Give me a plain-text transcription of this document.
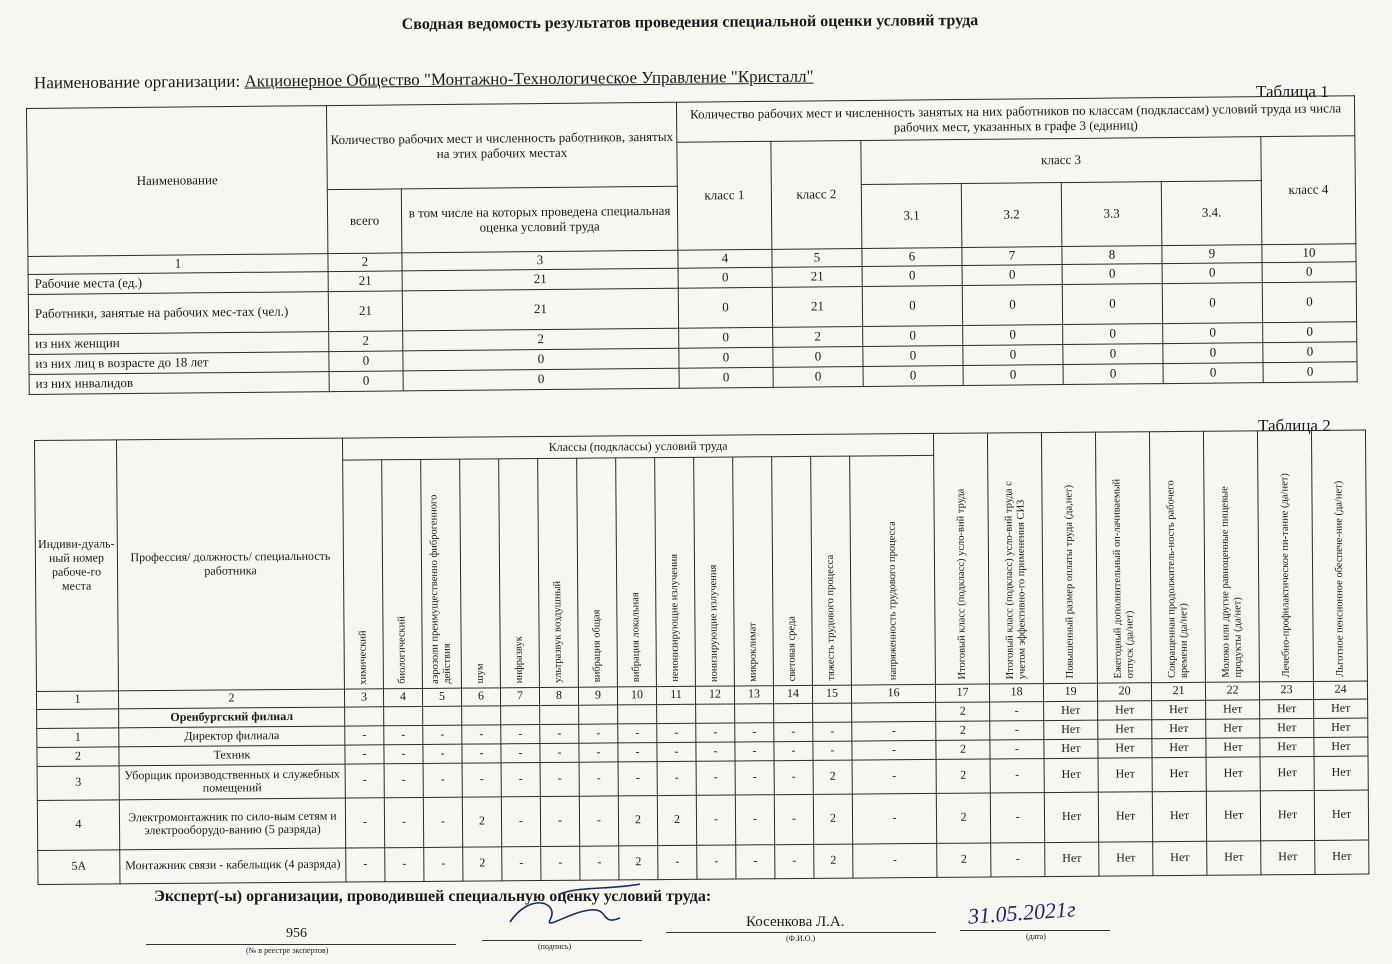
Сводная ведомость результатов проведения специальной оценки условий труда
Наименование организации: Акционерное Общество "Монтажно-Технологическое Управление "Кристалл"
Таблица 1
Наименование	Количество рабочих мест и численность работников, занятых на этих рабочих местах		Количество рабочих мест и численность занятых на них работников по классам (подклассам) условий труда из числа рабочих мест, указанных в графе 3 (единиц)						
			класс 1	класс 2	класс 3				класс 4
	всего	в том числе на которых проведена специальная оценка условий труда			3.1	3.2	3.3	3.4.	
1	2	3	4	5	6	7	8	9	10
Рабочие места (ед.)	21	21	0	21	0	0	0	0	0
Работники, занятые на рабочих мес-тах (чел.)	21	21	0	21	0	0	0	0	0
из них женщин	2	2	0	2	0	0	0	0	0
из них лиц в возрасте до 18 лет	0	0	0	0	0	0	0	0	0
из них инвалидов	0	0	0	0	0	0	0	0	0
Таблица 2
Индиви-дуаль-ный номер рабоче-го места	Профессия/ должность/ специальность работника	Классы (подклассы) условий труда														Итоговый класс (подкласс) усло-вий труда	Итоговый класс (подкласс) усло-вий труда с учетом эффективно-го применения СИЗ	Повышенный размер оплаты труда (да,нет)	Ежегодный дополнительный оп-лачиваемый отпуск (да/нет)	Сокращенная продолжитель-ность рабочего времени (да/нет)	Молоко или другие равноценные пищевые продукты (да/нет)	Лечебно-профилактическое пи-тание (да/нет)	Льготное пенсионное обеспече-ние (да/нет)
		химический	биологический	аэрозоли преимущественно фиброгенного действия	шум	инфразвук	ультразвук воздушный	вибрация общая	вибрация локальная	неионизирующие излучения	ионизирующие излучения	микроклимат	световая среда	тяжесть трудового процесса	напряженность трудового процесса								
1	2	3	4	5	6	7	8	9	10	11	12	13	14	15	16	17	18	19	20	21	22	23	24
	Оренбургский филиал															2	-	Нет	Нет	Нет	Нет	Нет	Нет
1	Директор филиала	-	-	-	-	-	-	-	-	-	-	-	-	-	-	2	-	Нет	Нет	Нет	Нет	Нет	Нет
2	Техник	-	-	-	-	-	-	-	-	-	-	-	-	-	-	2	-	Нет	Нет	Нет	Нет	Нет	Нет
3	Уборщик производственных и служебных помещений	-	-	-	-	-	-	-	-	-	-	-	-	2	-	2	-	Нет	Нет	Нет	Нет	Нет	Нет
4	Электромонтажник по сило-вым сетям и электрооборудо-ванию (5 разряда)	-	-	-	2	-	-	-	2	2	-	-	-	2	-	2	-	Нет	Нет	Нет	Нет	Нет	Нет
5А	Монтажник связи - кабельщик (4 разряда)	-	-	-	2	-	-	-	2	-	-	-	-	2	-	2	-	Нет	Нет	Нет	Нет	Нет	Нет
Эксперт(-ы) организации, проводившей специальную оценку условий труда:
956
(№ в реестре экспертов)	(подпись)
Косенкова Л.А.
(Ф.И.О.)
31.05.2021г
(дата)
